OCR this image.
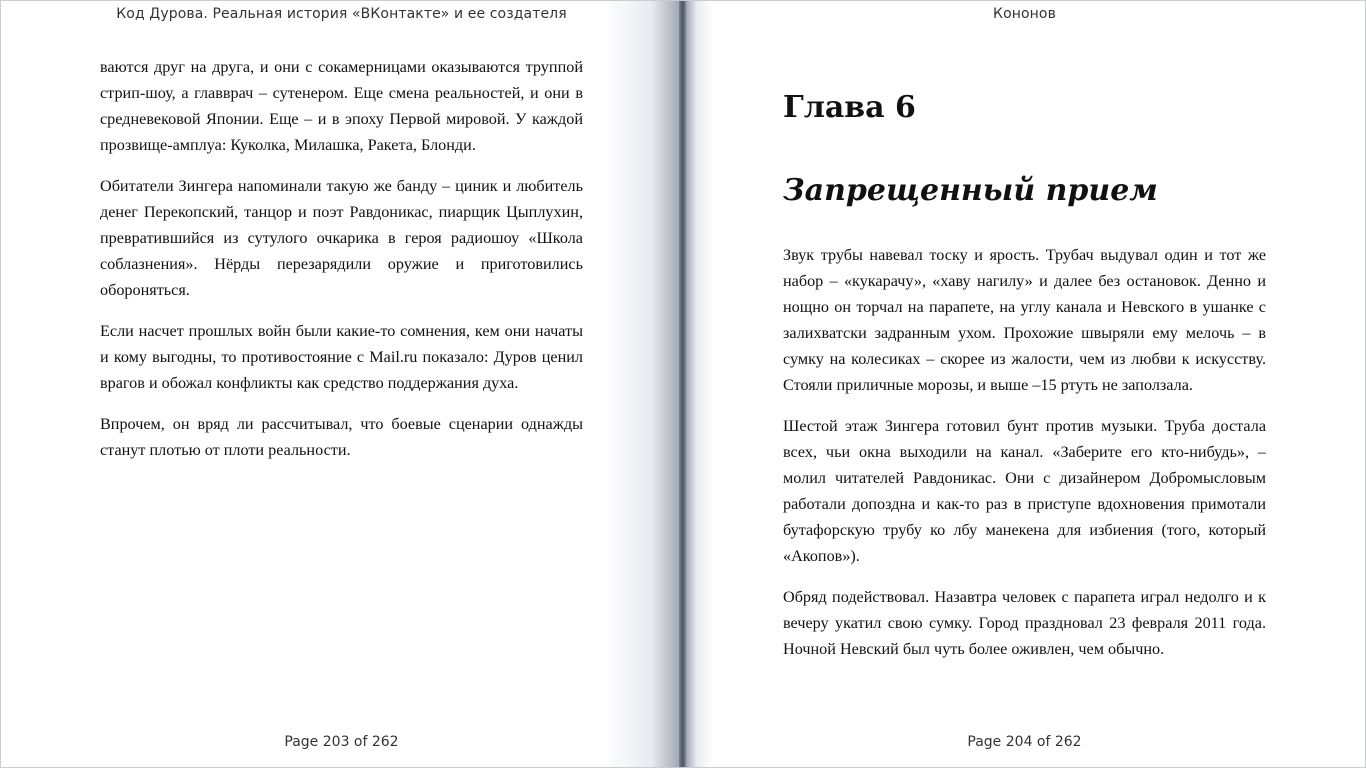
Код Дурова. Реальная история «ВКонтакте» и ее создателя

ваются друг на друга, и они с сокамерницами оказываются труппой стрип-шоу, а главврач – сутенером. Еще смена реальностей, и они в средневековой Японии. Еще – и в эпоху Первой мировой. У каждой прозвище-амплуа: Куколка, Милашка, Ракета, Блонди.

Обитатели Зингера напоминали такую же банду – циник и любитель денег Перекопский, танцор и поэт Равдоникас, пиарщик Цыплухин, превратившийся из сутулого очкарика в героя радиошоу «Школа соблазнения». Нёрды перезарядили оружие и приготовились обороняться.

Если насчет прошлых войн были какие-то сомнения, кем они начаты и кому выгодны, то противостояние с Mail.ru показало: Дуров ценил врагов и обожал конфликты как средство поддержания духа.

Впрочем, он вряд ли рассчитывал, что боевые сценарии однажды станут плотью от плоти реальности.

Page 203 of 262
Кононов
Глава 6
Запрещенный прием

Звук трубы навевал тоску и ярость. Трубач выдувал один и тот же набор – «кукарачу», «хаву нагилу» и далее без остановок. Денно и нощно он торчал на парапете, на углу канала и Невского в ушанке с залихватски задранным ухом. Прохожие швыряли ему мелочь – в сумку на колесиках – скорее из жалости, чем из любви к искусству. Стояли приличные морозы, и выше –15 ртуть не заползала.

Шестой этаж Зингера готовил бунт против музыки. Труба достала всех, чьи окна выходили на канал. «Заберите его кто-нибудь», – молил читателей Равдоникас. Они с дизайнером Добромысловым работали допоздна и как-то раз в приступе вдохновения примотали бутафорскую трубу ко лбу манекена для избиения (того, который «Акопов»).

Обряд подействовал. Назавтра человек с парапета играл недолго и к вечеру укатил свою сумку. Город праздновал 23 февраля 2011 года. Ночной Невский был чуть более оживлен, чем обычно.

Page 204 of 262
